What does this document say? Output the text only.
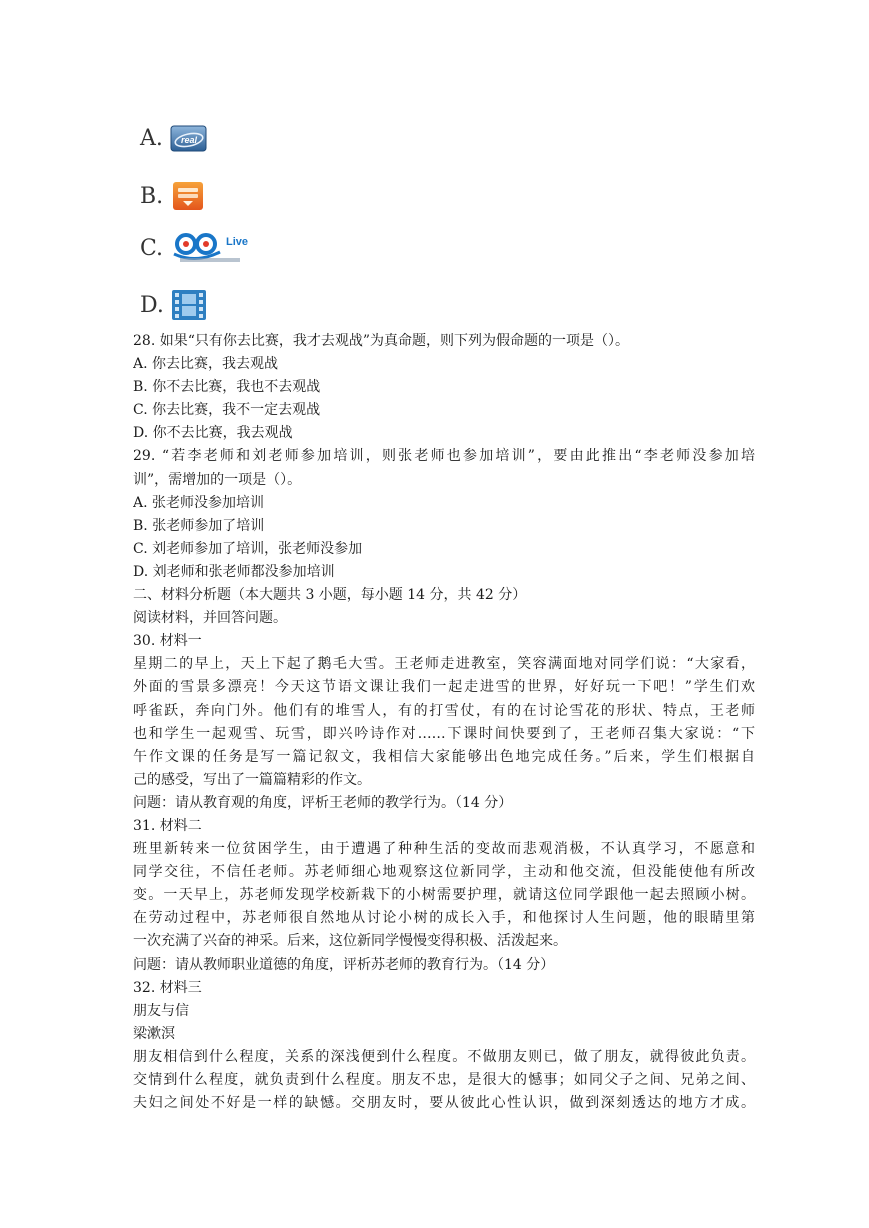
A.	real
B.
C.	Live
D.
28. 如果“只有你去比赛，我才去观战”为真命题，则下列为假命题的一项是（）。
A. 你去比赛，我去观战
B. 你不去比赛，我也不去观战
C. 你去比赛，我不一定去观战
D. 你不去比赛，我去观战
29. “若李老师和刘老师参加培训，则张老师也参加培训”，要由此推出“李老师没参加培
训”，需增加的一项是（）。
A. 张老师没参加培训
B. 张老师参加了培训
C. 刘老师参加了培训，张老师没参加
D. 刘老师和张老师都没参加培训
二、材料分析题（本大题共 3 小题，每小题 14 分，共 42 分）
阅读材料，并回答问题。
30. 材料一
星期二的早上，天上下起了鹅毛大雪。王老师走进教室，笑容满面地对同学们说：“大家看，
外面的雪景多漂亮！今天这节语文课让我们一起走进雪的世界，好好玩一下吧！”学生们欢
呼雀跃，奔向门外。他们有的堆雪人，有的打雪仗，有的在讨论雪花的形状、特点，王老师
也和学生一起观雪、玩雪，即兴吟诗作对……下课时间快要到了，王老师召集大家说：“下
午作文课的任务是写一篇记叙文，我相信大家能够出色地完成任务。”后来，学生们根据自
己的感受，写出了一篇篇精彩的作文。
问题：请从教育观的角度，评析王老师的教学行为。（14 分）
31. 材料二
班里新转来一位贫困学生，由于遭遇了种种生活的变故而悲观消极，不认真学习，不愿意和
同学交往，不信任老师。苏老师细心地观察这位新同学，主动和他交流，但没能使他有所改
变。一天早上，苏老师发现学校新栽下的小树需要护理，就请这位同学跟他一起去照顾小树。
在劳动过程中，苏老师很自然地从讨论小树的成长入手，和他探讨人生问题，他的眼睛里第
一次充满了兴奋的神采。后来，这位新同学慢慢变得积极、活泼起来。
问题：请从教师职业道德的角度，评析苏老师的教育行为。（14 分）
32. 材料三
朋友与信
梁漱溟
朋友相信到什么程度，关系的深浅便到什么程度。不做朋友则已，做了朋友，就得彼此负责。
交情到什么程度，就负责到什么程度。朋友不忠，是很大的憾事；如同父子之间、兄弟之间、
夫妇之间处不好是一样的缺憾。交朋友时，要从彼此心性认识，做到深刻透达的地方才成。
